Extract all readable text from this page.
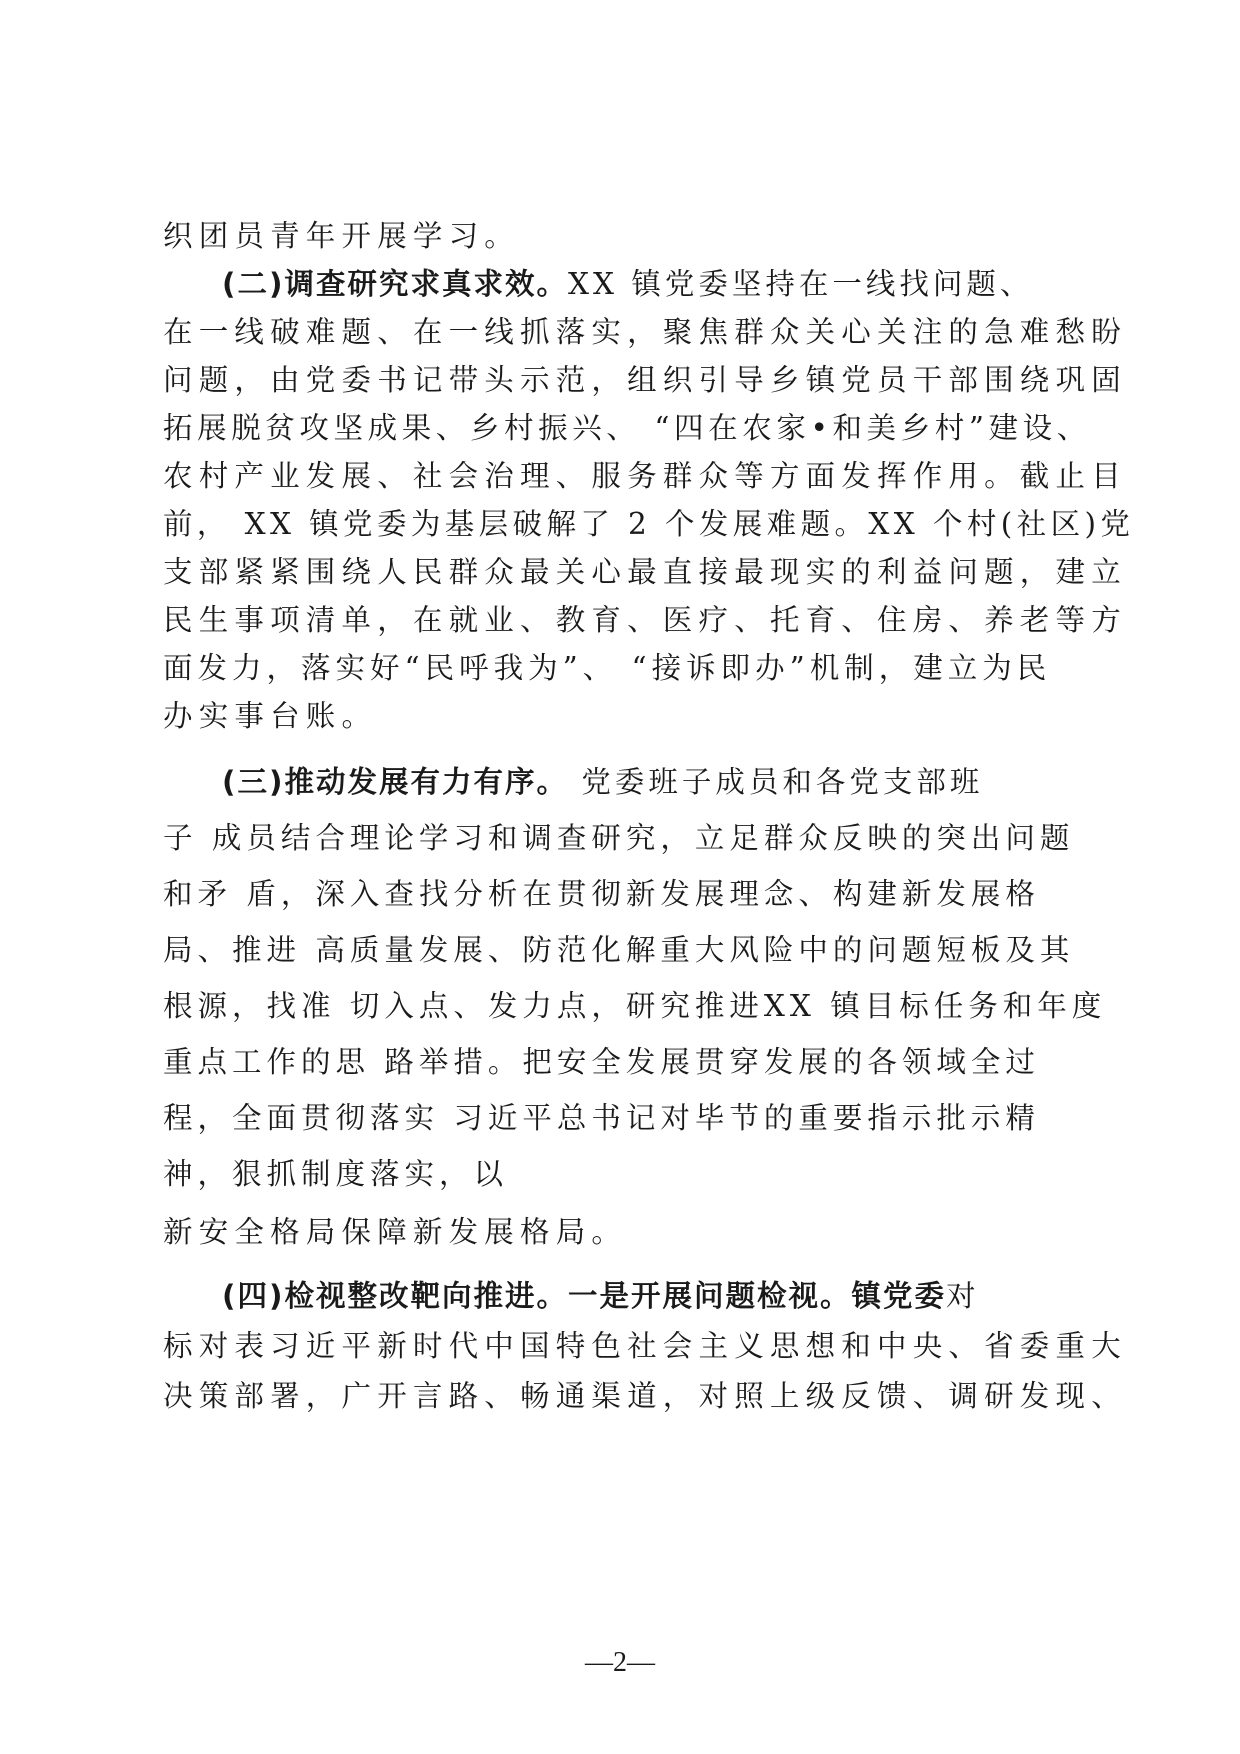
织团员青年开展学习。
(二)调查研究求真求效。XX 镇党委坚持在一线找问题、
在一线破难题、在一线抓落实，聚焦群众关心关注的急难愁盼
问题，由党委书记带头示范，组织引导乡镇党员干部围绕巩固
拓展脱贫攻坚成果、乡村振兴、 “四在农家•和美乡村”建设、
农村产业发展、社会治理、服务群众等方面发挥作用。截止目
前， XX 镇党委为基层破解了 2 个发展难题。XX 个村(社区)党
支部紧紧围绕人民群众最关心最直接最现实的利益问题，建立
民生事项清单，在就业、教育、医疗、托育、住房、养老等方
面发力，落实好“民呼我为”、 “接诉即办”机制，建立为民
办实事台账。
(三)推动发展有力有序。 党委班子成员和各党支部班
子 成员结合理论学习和调查研究，立足群众反映的突出问题
和矛 盾，深入查找分析在贯彻新发展理念、构建新发展格
局、推进 高质量发展、防范化解重大风险中的问题短板及其
根源，找准 切入点、发力点，研究推进XX 镇目标任务和年度
重点工作的思 路举措。把安全发展贯穿发展的各领域全过
程，全面贯彻落实 习近平总书记对毕节的重要指示批示精
神，狠抓制度落实，以
新安全格局保障新发展格局。
(四)检视整改靶向推进。一是开展问题检视。镇党委对
标对表习近平新时代中国特色社会主义思想和中央、省委重大
决策部署，广开言路、畅通渠道，对照上级反馈、调研发现、
—2—
